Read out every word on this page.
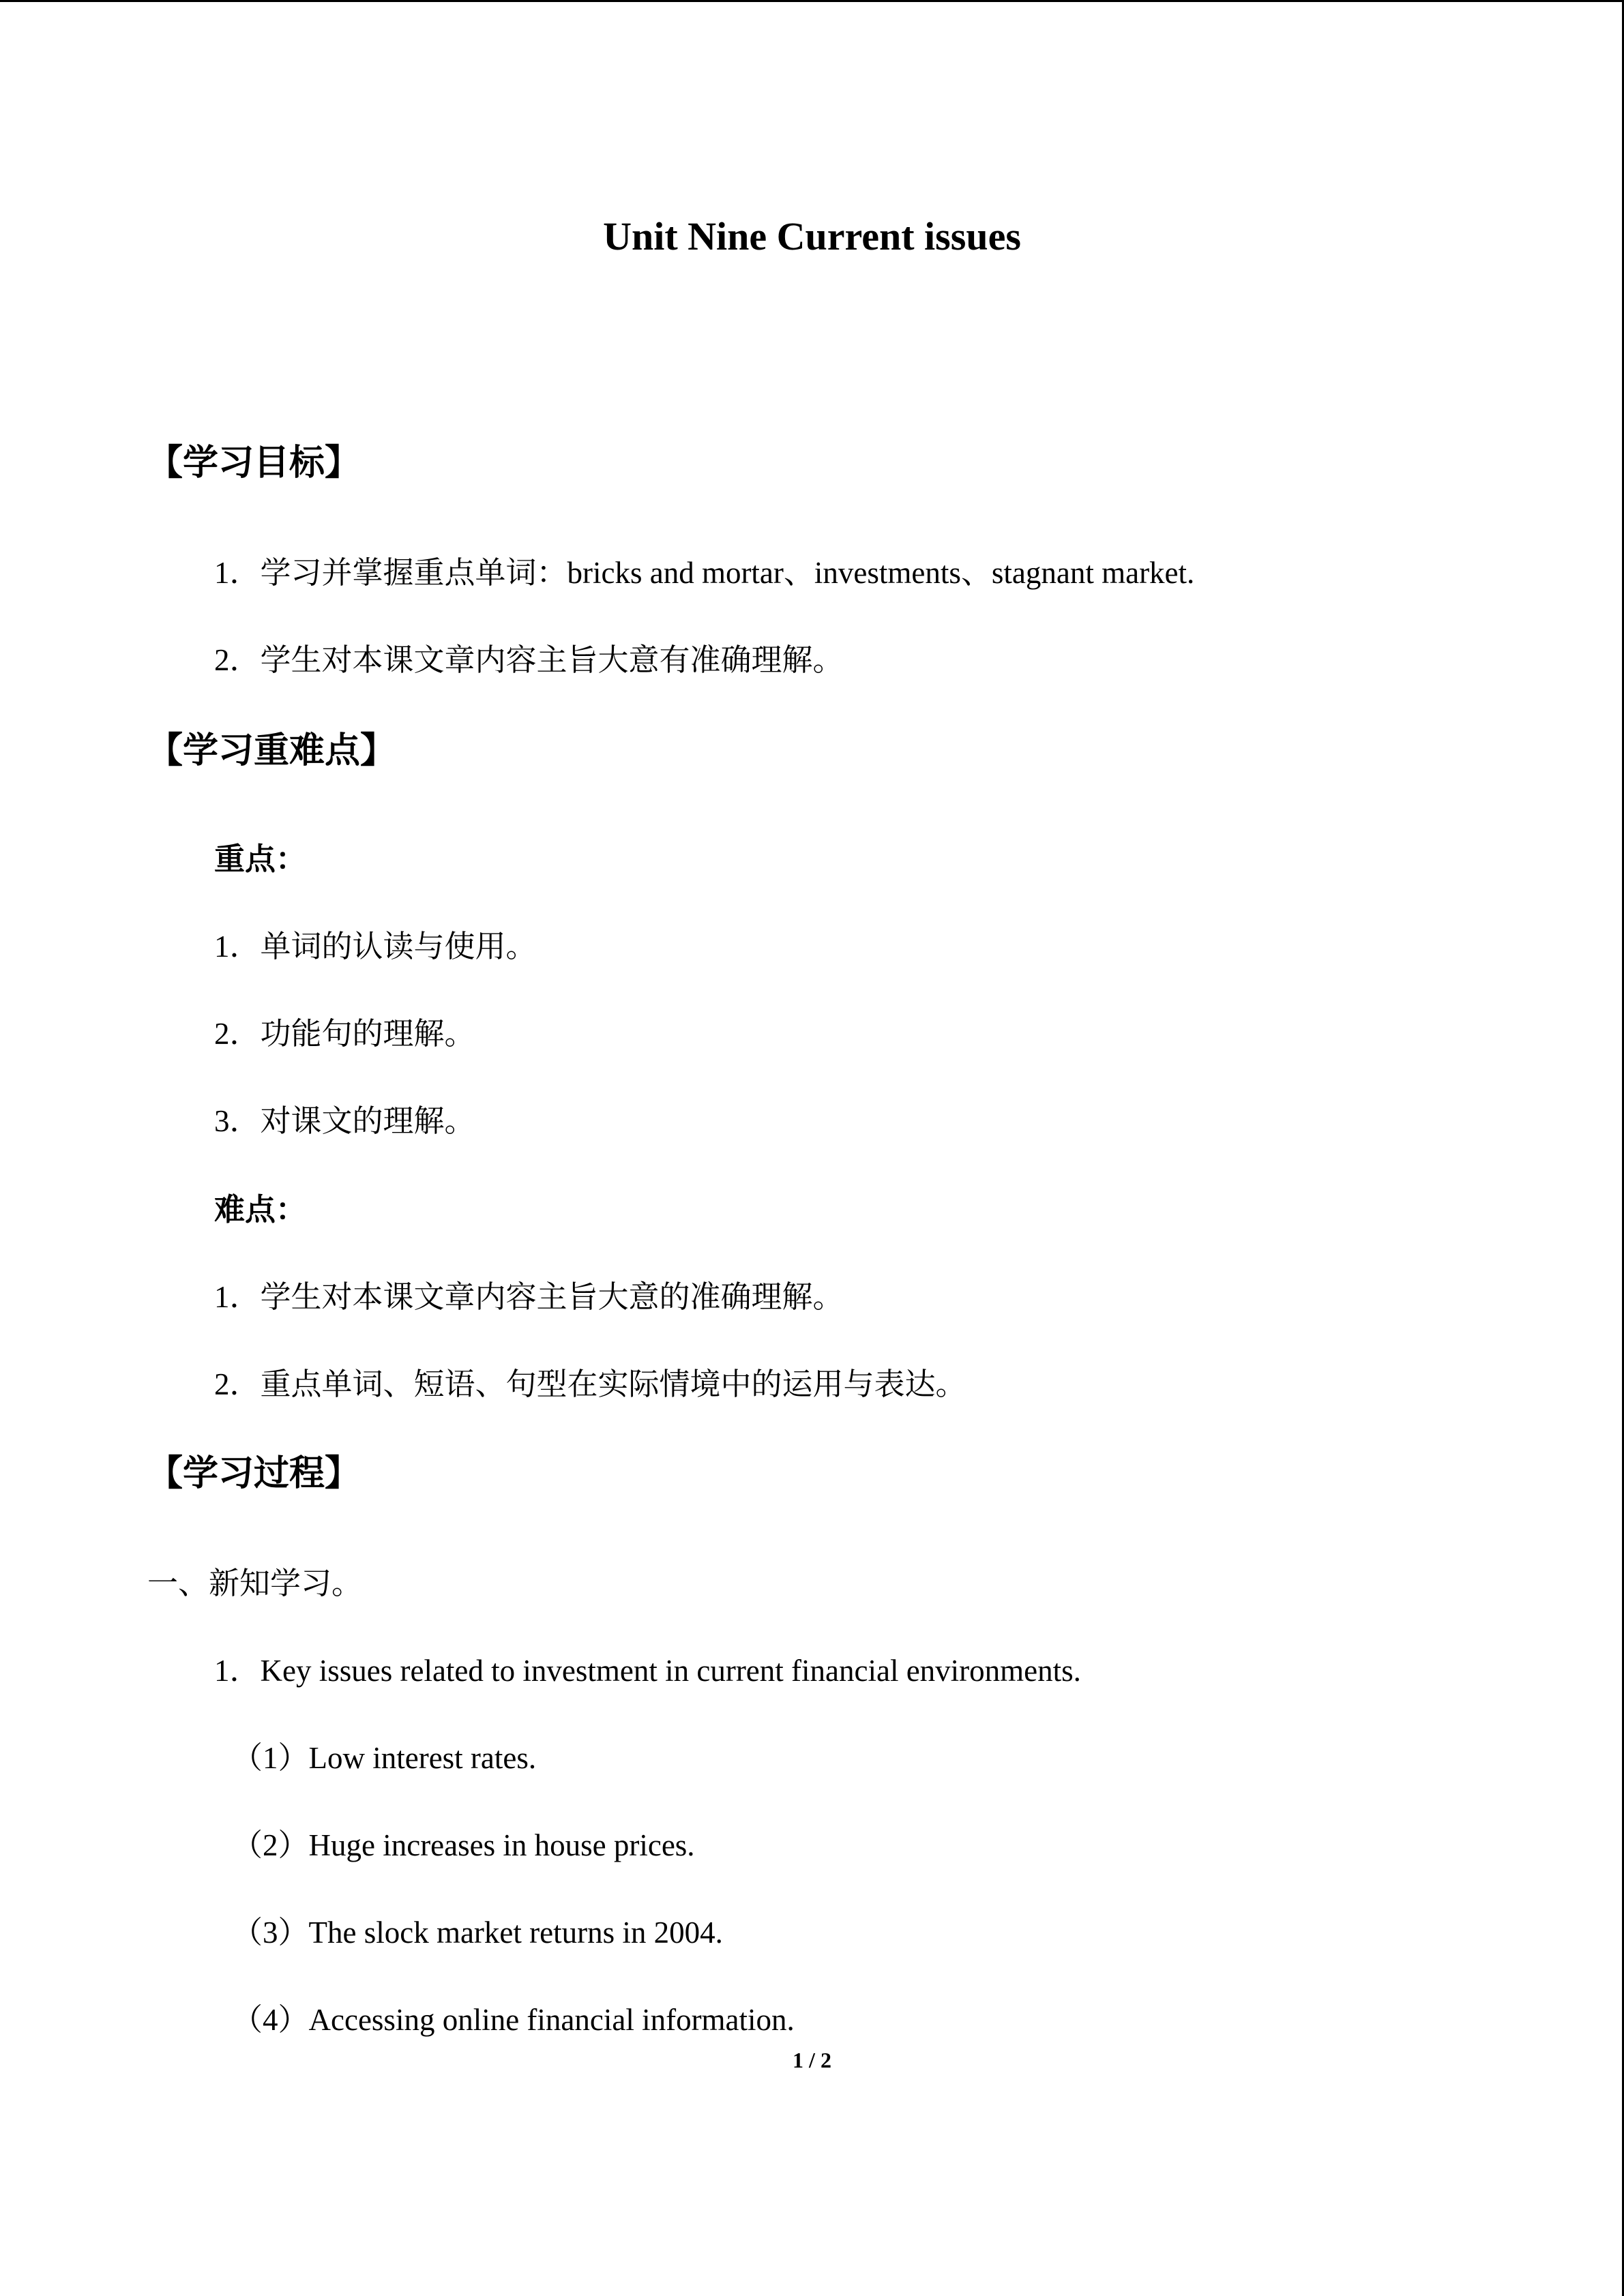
Unit Nine Current issues
【学习目标】
1．学习并掌握重点单词：bricks and mortar、investments、stagnant market.
2．学生对本课文章内容主旨大意有准确理解。
【学习重难点】
重点：
1．单词的认读与使用。
2．功能句的理解。
3．对课文的理解。
难点：
1．学生对本课文章内容主旨大意的准确理解。
2．重点单词、短语、句型在实际情境中的运用与表达。
【学习过程】
一、新知学习。
1．Key issues related to investment in current financial environments.
（1）Low interest rates.
（2）Huge increases in house prices.
（3）The slock market returns in 2004.
（4）Accessing online financial information.
1 / 2
